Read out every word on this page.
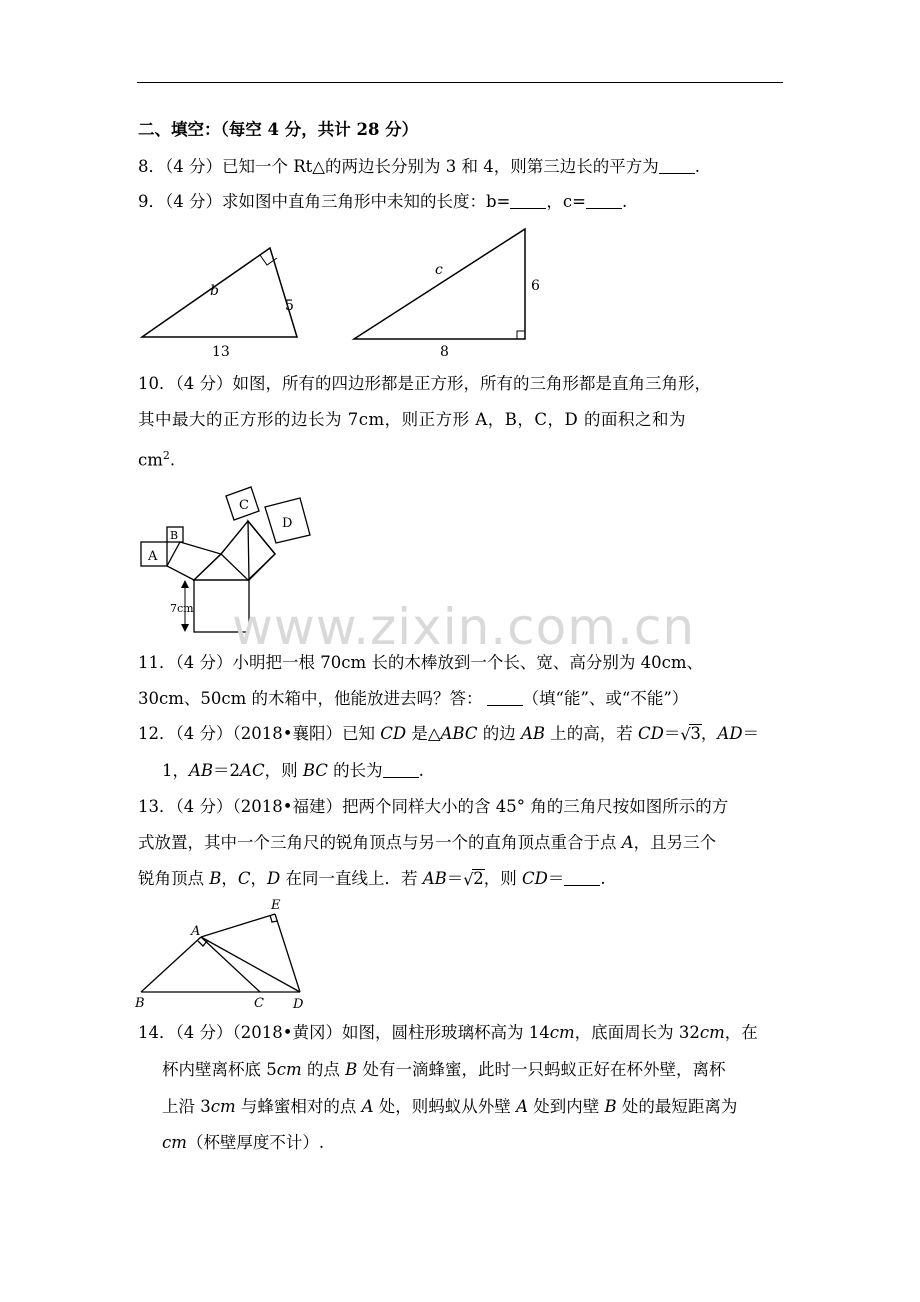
二、填空：（每空 4 分，共计 28 分）
8．（4 分）已知一个 Rt△的两边长分别为 3 和 4，则第三边长的平方为 .
9．（4 分）求如图中直角三角形中未知的长度：b= ，c= .
b
5
13
c
6
8
10．（4 分）如图，所有的四边形都是正方形，所有的三角形都是直角三角形，
其中最大的正方形的边长为 7cm，则正方形 A，B，C，D 的面积之和为
$cm^2$.
A
B
C
D
7cm www.zixin.com.cn
11．（4 分）小明把一根 70cm 长的木棒放到一个长、宽、高分别为 40cm、
30cm、50cm 的木箱中，他能放进去吗？答： （填“能”、或“不能”）
12．（4 分）（2018•襄阳）已知 CD 是△ABC 的边 AB 上的高，若 CD＝ √ 3，AD＝
1，AB＝2AC，则 BC 的长为 .
13．（4 分）（2018•福建）把两个同样大小的含 45° 角的三角尺按如图所示的方
式放置，其中一个三角尺的锐角顶点与另一个的直角顶点重合于点 A，且另三个
锐角顶点 B，C，D 在同一直线上．若 AB＝ √ 2，则 CD＝ .
A
B	C D
E
14．（4 分）（2018•黄冈）如图，圆柱形玻璃杯高为 14cm，底面周长为 32cm，在
杯内壁离杯底 5cm 的点 B 处有一滴蜂蜜，此时一只蚂蚁正好在杯外壁，离杯
上沿 3cm 与蜂蜜相对的点 A 处，则蚂蚁从外壁 A 处到内壁 B 处的最短距离为
cm（杯壁厚度不计）.
